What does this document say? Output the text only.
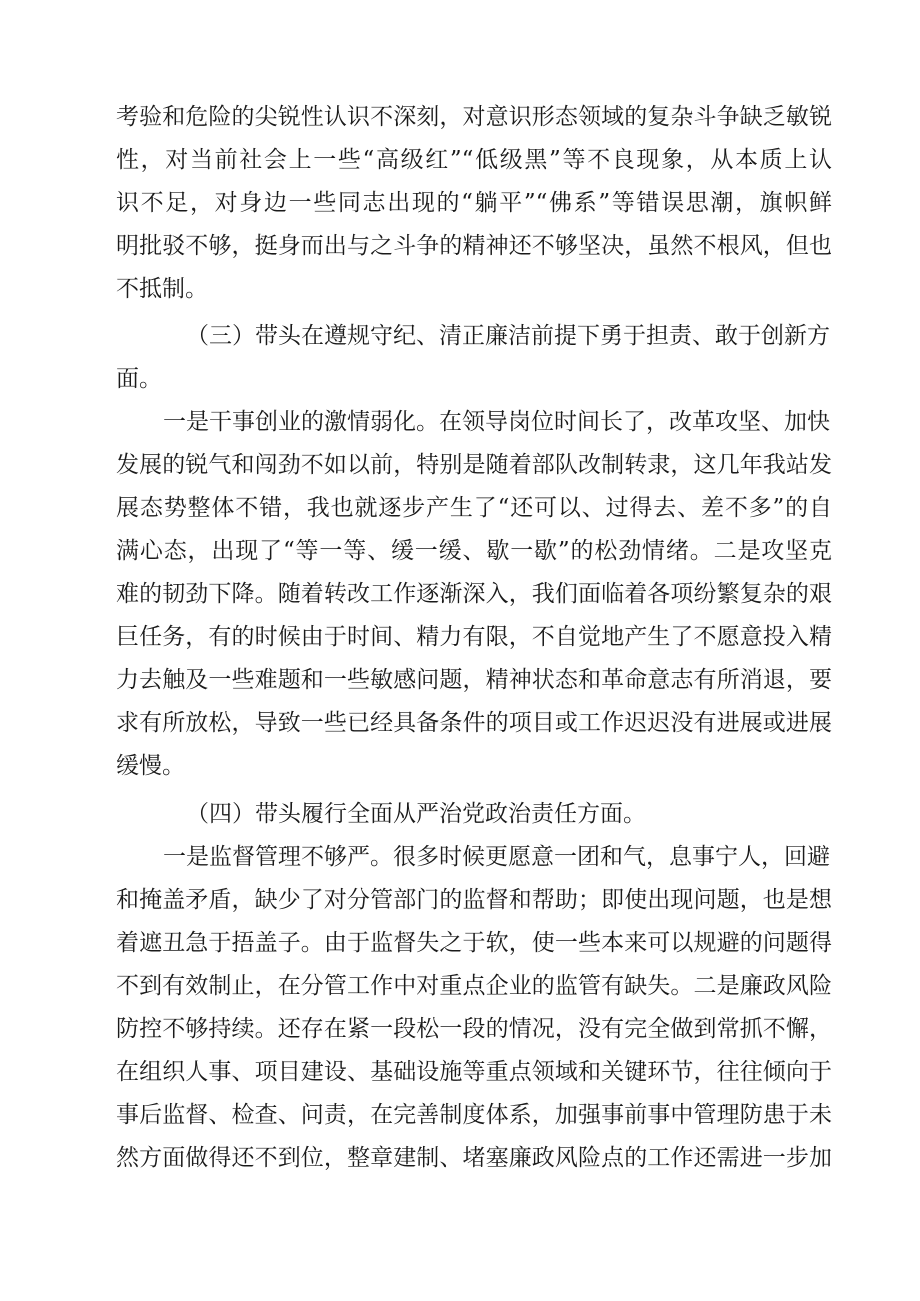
考验和危险的尖锐性认识不深刻，对意识形态领域的复杂斗争缺乏敏锐
性，对当前社会上一些“高级红”“低级黑”等不良现象，从本质上认
识不足，对身边一些同志出现的“躺平”“佛系”等错误思潮，旗帜鲜
明批驳不够，挺身而出与之斗争的精神还不够坚决，虽然不根风，但也
不抵制。
（三）带头在遵规守纪、清正廉洁前提下勇于担责、敢于创新方
面。
一是干事创业的激情弱化。在领导岗位时间长了，改革攻坚、加快
发展的锐气和闯劲不如以前，特别是随着部队改制转隶，这几年我站发
展态势整体不错，我也就逐步产生了“还可以、过得去、差不多”的自
满心态，出现了“等一等、缓一缓、歇一歇”的松劲情绪。二是攻坚克
难的韧劲下降。随着转改工作逐渐深入，我们面临着各项纷繁复杂的艰
巨任务，有的时候由于时间、精力有限，不自觉地产生了不愿意投入精
力去触及一些难题和一些敏感问题，精神状态和革命意志有所消退，要
求有所放松，导致一些已经具备条件的项目或工作迟迟没有进展或进展
缓慢。
（四）带头履行全面从严治党政治责任方面。
一是监督管理不够严。很多时候更愿意一团和气，息事宁人，回避
和掩盖矛盾，缺少了对分管部门的监督和帮助；即使出现问题，也是想
着遮丑急于捂盖子。由于监督失之于软，使一些本来可以规避的问题得
不到有效制止，在分管工作中对重点企业的监管有缺失。二是廉政风险
防控不够持续。还存在紧一段松一段的情况，没有完全做到常抓不懈，
在组织人事、项目建设、基础设施等重点领域和关键环节，往往倾向于
事后监督、检查、问责，在完善制度体系，加强事前事中管理防患于未
然方面做得还不到位，整章建制、堵塞廉政风险点的工作还需进一步加
